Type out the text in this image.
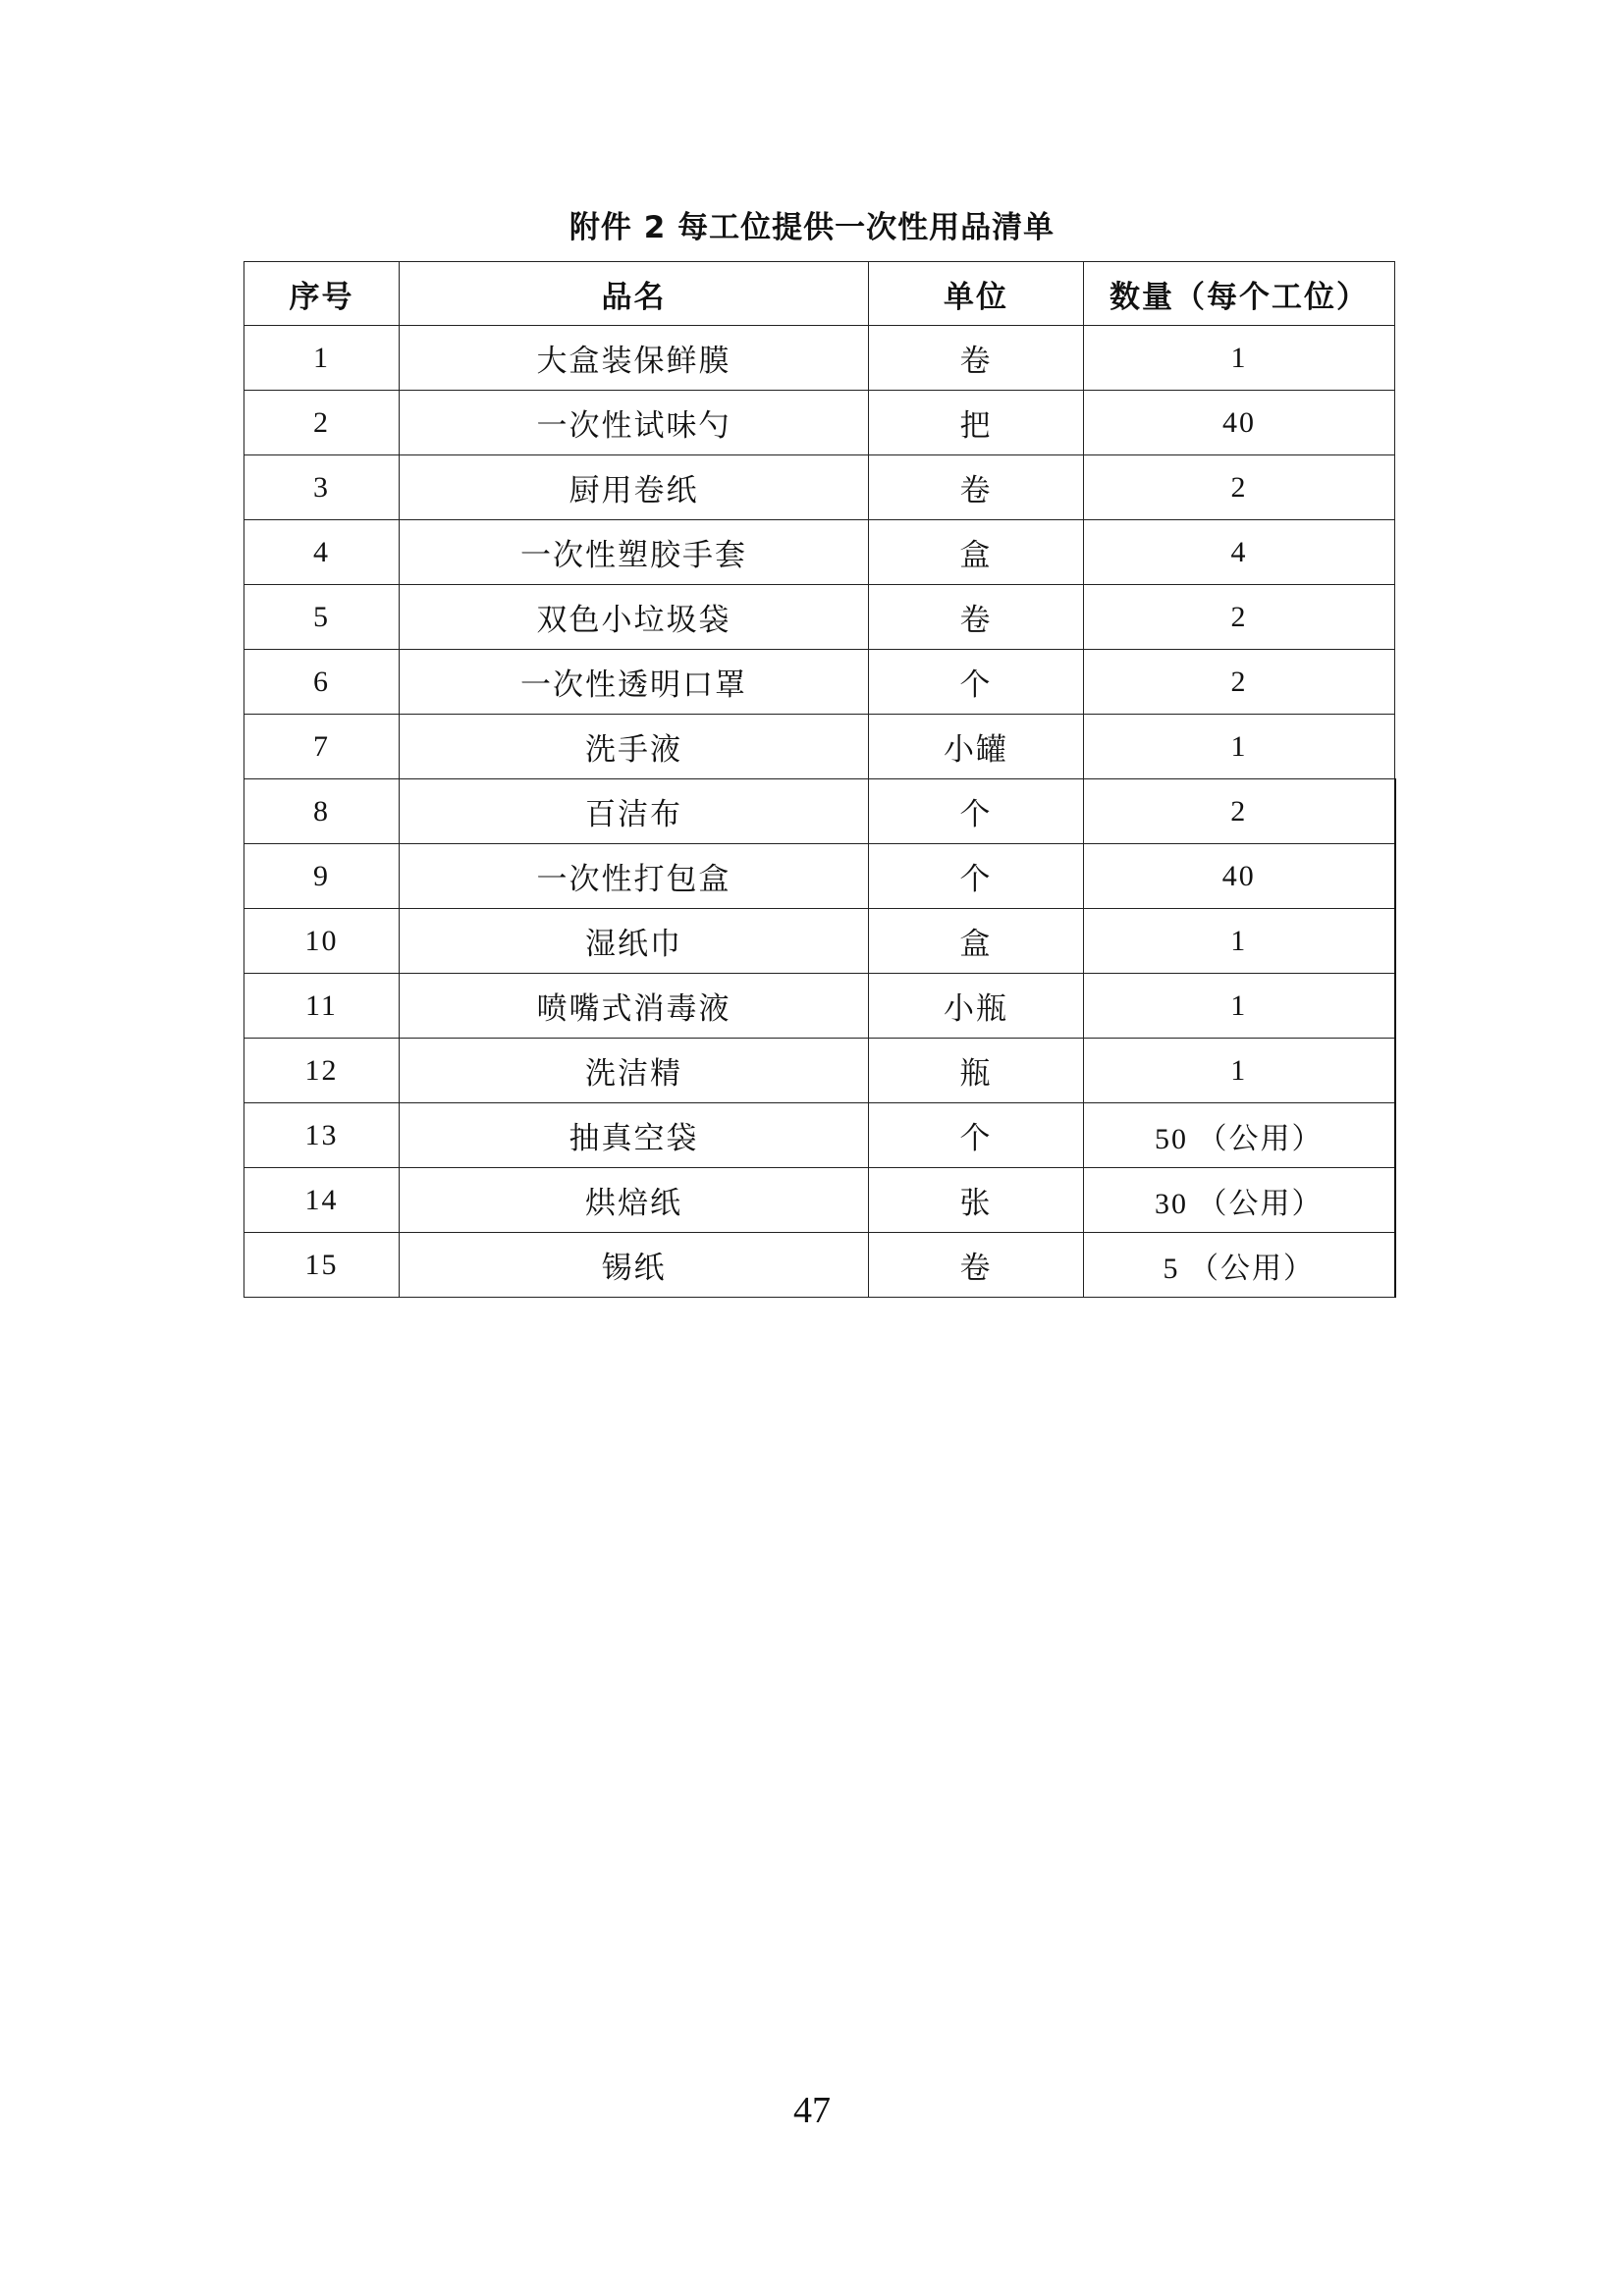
附件 2 每工位提供一次性用品清单
序号	品名	单位	数量（每个工位）
1	大盒装保鲜膜	卷	1
2	一次性试味勺	把	40
3	厨用卷纸	卷	2
4	一次性塑胶手套	盒	4
5	双色小垃圾袋	卷	2
6	一次性透明口罩	个	2
7	洗手液	小罐	1
8	百洁布	个	2
9	一次性打包盒	个	40
10	湿纸巾	盒	1
11	喷嘴式消毒液	小瓶	1
12	洗洁精	瓶	1
13	抽真空袋	个	50 （公用）
14	烘焙纸	张	30 （公用）
15	锡纸	卷	5 （公用）
47
